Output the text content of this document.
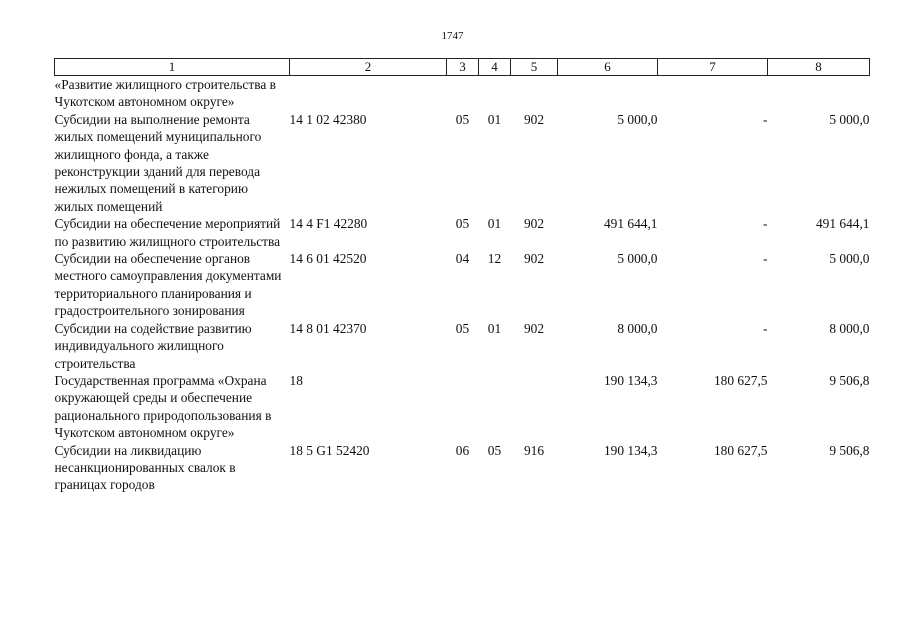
1747
1	2	3	4	5	6	7	8
«Развитие жилищного строительства в Чукотском автономном округе»							
Субсидии на выполнение ремонта жилых помещений муниципального жилищного фонда, а также реконструкции зданий для перевода нежилых помещений в категорию жилых помещений	14 1 02 42380	05	01	902	5 000,0	-	5 000,0
Субсидии на обеспечение мероприятий по развитию жилищного строительства	14 4 F1 42280	05	01	902	491 644,1	-	491 644,1
Субсидии на обеспечение органов местного самоуправления документами территориального планирования и градостроительного зонирования	14 6 01 42520	04	12	902	5 000,0	-	5 000,0
Субсидии на содействие развитию индивидуального жилищного строительства	14 8 01 42370	05	01	902	8 000,0	-	8 000,0
Государственная программа «Охрана окружающей среды и обеспечение рационального природопользования в Чукотском автономном округе»	18				190 134,3	180 627,5	9 506,8
Субсидии на ликвидацию несанкционированных свалок в границах городов	18 5 G1 52420	06	05	916	190 134,3	180 627,5	9 506,8
